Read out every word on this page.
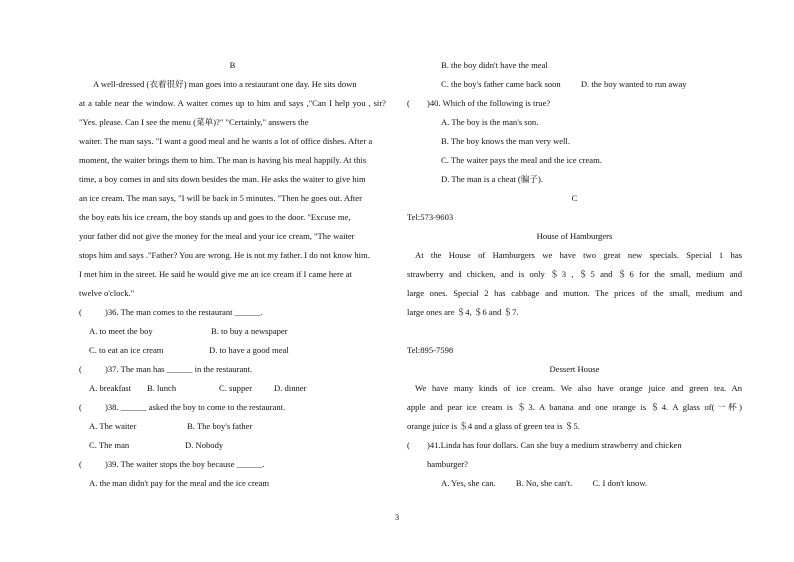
B
A well-dressed (衣着很好) man goes into a restaurant one day. He sits down
at a table near the window. A waiter comes up to him and says ,"Can I help you , sir?
"Yes. please. Can I see the menu (菜单)?" "Certainly," answers the
waiter. The man says. "I want a good meal and he wants a lot of office dishes. After a
moment, the waiter brings them to him. The man is having his meal happily. At this
time, a boy comes in and sits down besides the man. He asks the waiter to give him
an ice cream. The man says, "I will be back in 5 minutes. "Then he goes out. After
the boy eats his ice cream, the boy stands up and goes to the door. "Excuse me,
your father did not give the money for the meal and your ice cream, "The waiter
stops him and says ."Father? You are wrong. He is not my father. I do not know him.
I met him in the street. He said he would give me an ice cream if I came here at
twelve o'clock."
(	)36. The man comes to the restaurant ______.
A. to meet the boy	B. to buy a newspaper
C. to eat an ice cream	D. to have a good meal
(	)37. The man has ______ in the restaurant.
A. breakfast B. lunch	C. supper	D. dinner
(	)38. ______ asked the boy to come to the restaurant.
A. The waiter	B. The boy's father
C. The man	D. Nobody
(	)39. The waiter stops the boy because ______.
A. the man didn't pay for the meal and the ice cream
B. the boy didn't have the meal
C. the boy's father came back soon D. the boy wanted to run away
(	)40. Which of the following is true?
A. The boy is the man's son.
B. The boy knows the man very well.
C. The waiter pays the meal and the ice cream.
D. The man is a cheat (骗子).
C
Tel:573-9603
House of Hamburgers
At the House of Hamburgers we have two great new specials. Special 1 has
strawberry and chicken, and is only ＄3 , ＄5 and ＄6 for the small, medium and
large ones. Special 2 has cabbage and mutton. The prices of the small, medium and
large ones are ＄4, ＄6 and ＄7.
Tel:895-7598
Dessert House
We have many kinds of ice cream. We also have orange juice and green tea. An
apple and pear ice cream is ＄3. A banana and one orange is ＄4. A glass of(一杯)
orange juice is ＄4 and a glass of green tea is ＄5.
(	)41.Linda has four dollars. Can she buy a medium strawberry and chicken
hamburger?
A. Yes, she can. B. No, she can't. C. I don't know.
3
